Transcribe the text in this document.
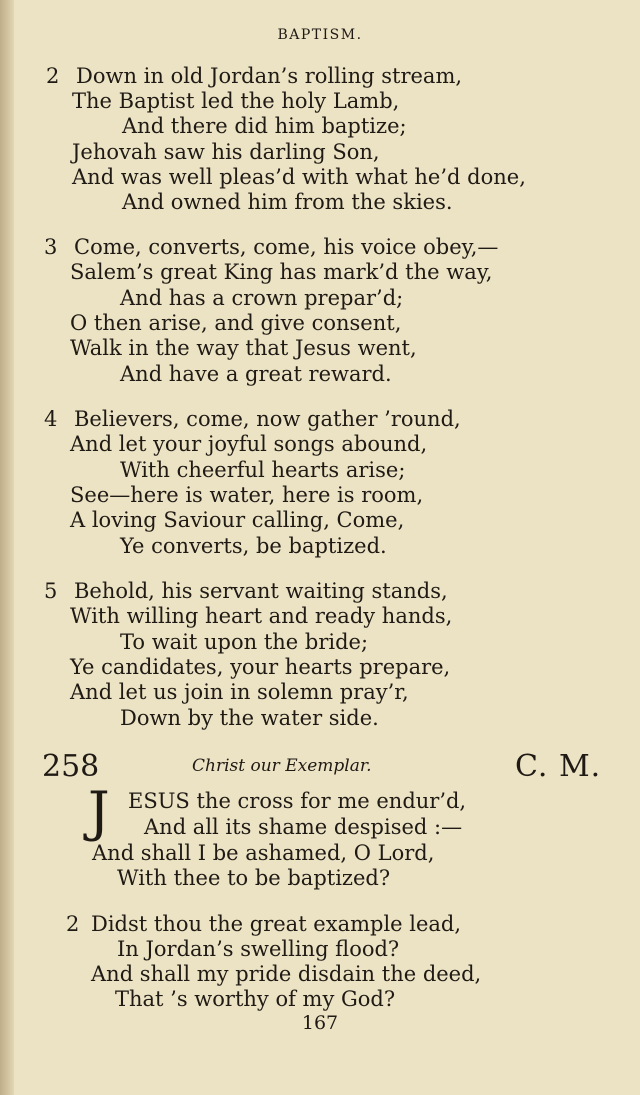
BAPTISM.
2 Down in old Jordan’s rolling stream,
The Baptist led the holy Lamb,
And there did him baptize;
Jehovah saw his darling Son,
And was well pleas’d with what he’d done,
And owned him from the skies.
3 Come, converts, come, his voice obey,—
Salem’s great King has mark’d the way,
And has a crown prepar’d;
O then arise, and give consent,
Walk in the way that Jesus went,
And have a great reward.
4 Believers, come, now gather ’round,
And let your joyful songs abound,
With cheerful hearts arise;
See—here is water, here is room,
A loving Saviour calling, Come,
Ye converts, be baptized.
5 Behold, his servant waiting stands,
With willing heart and ready hands,
To wait upon the bride;
Ye candidates, your hearts prepare,
And let us join in solemn pray’r,
Down by the water side.
258	Christ our Exemplar.	C. M.
J ESUS the cross for me endur’d,
And all its shame despised :—
And shall I be ashamed, O Lord,
With thee to be baptized?
2 Didst thou the great example lead,
In Jordan’s swelling flood?
And shall my pride disdain the deed,
That ’s worthy of my God?
167
